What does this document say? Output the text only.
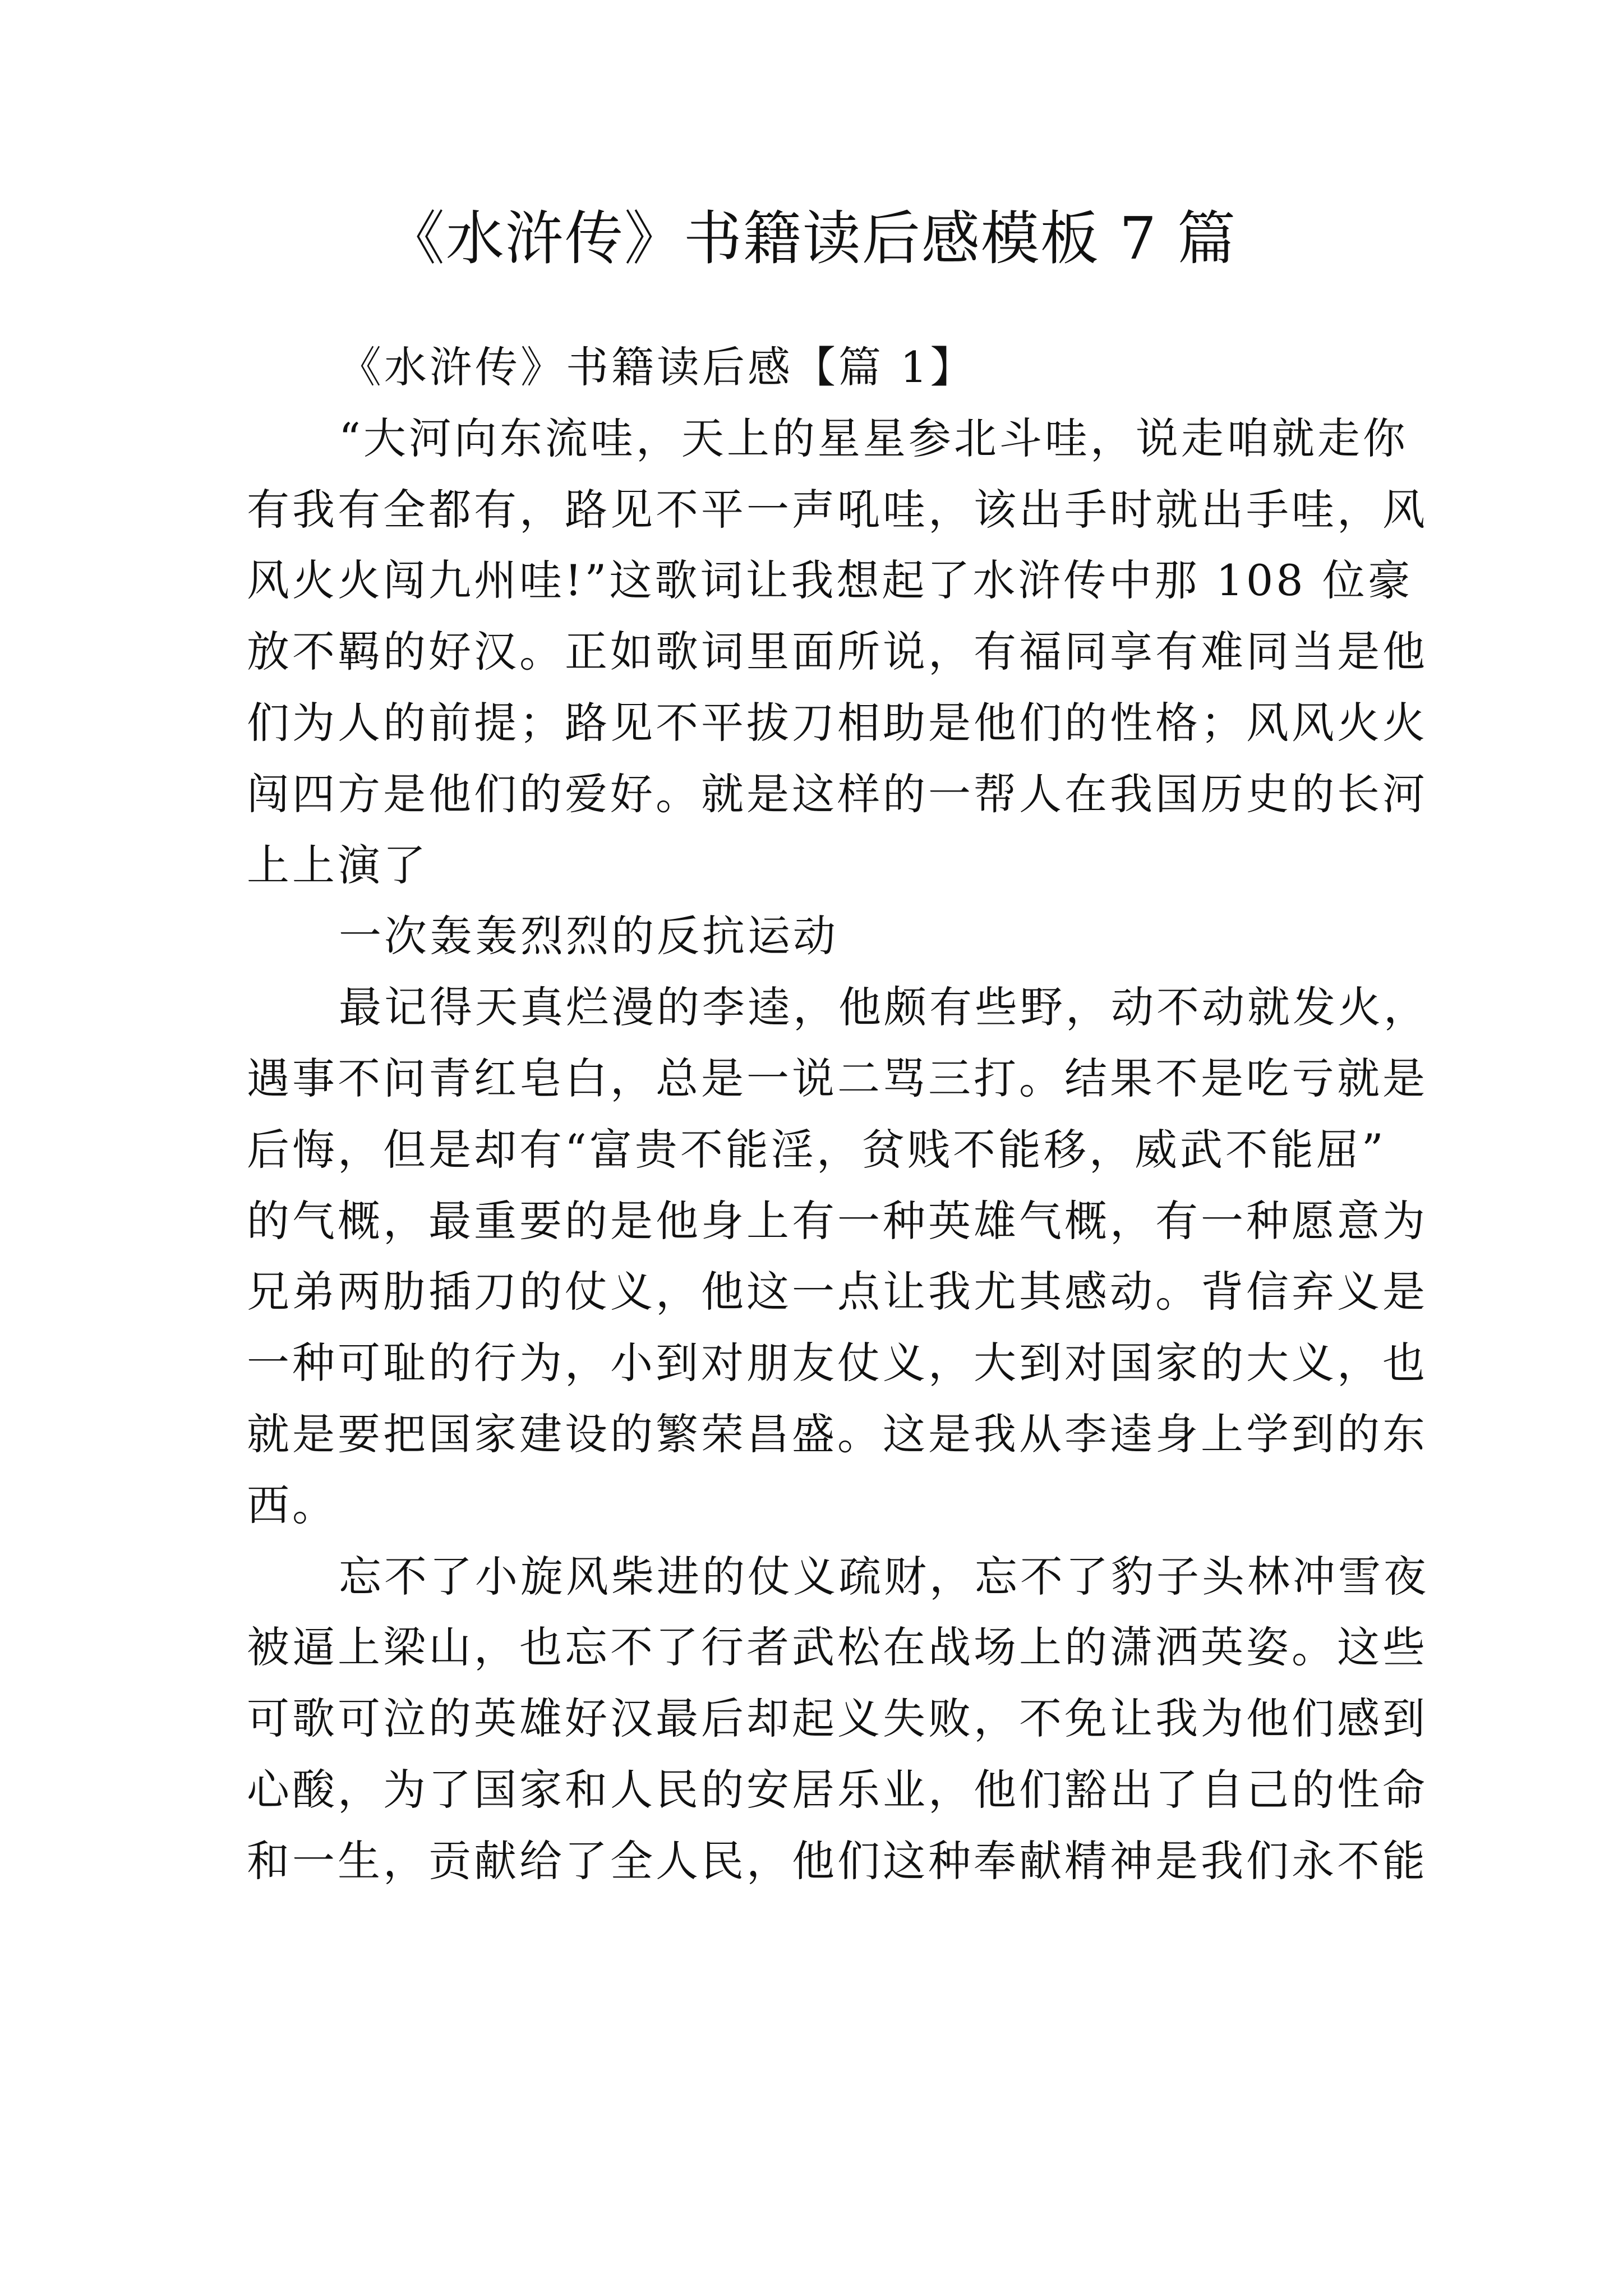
《水浒传》书籍读后感模板 7 篇
《水浒传》书籍读后感【篇 1】
“大河向东流哇，天上的星星参北斗哇，说走咱就走你
有我有全都有，路见不平一声吼哇，该出手时就出手哇，风
风火火闯九州哇!”这歌词让我想起了水浒传中那 108 位豪
放不羁的好汉。正如歌词里面所说，有福同享有难同当是他
们为人的前提；路见不平拔刀相助是他们的性格；风风火火
闯四方是他们的爱好。就是这样的一帮人在我国历史的长河
上上演了
一次轰轰烈烈的反抗运动
最记得天真烂漫的李逵，他颇有些野，动不动就发火，
遇事不问青红皂白，总是一说二骂三打。结果不是吃亏就是
后悔，但是却有“富贵不能淫，贫贱不能移，威武不能屈”
的气概，最重要的是他身上有一种英雄气概，有一种愿意为
兄弟两肋插刀的仗义，他这一点让我尤其感动。背信弃义是
一种可耻的行为，小到对朋友仗义，大到对国家的大义，也
就是要把国家建设的繁荣昌盛。这是我从李逵身上学到的东
西。
忘不了小旋风柴进的仗义疏财，忘不了豹子头林冲雪夜
被逼上梁山，也忘不了行者武松在战场上的潇洒英姿。这些
可歌可泣的英雄好汉最后却起义失败，不免让我为他们感到
心酸，为了国家和人民的安居乐业，他们豁出了自己的性命
和一生，贡献给了全人民，他们这种奉献精神是我们永不能
